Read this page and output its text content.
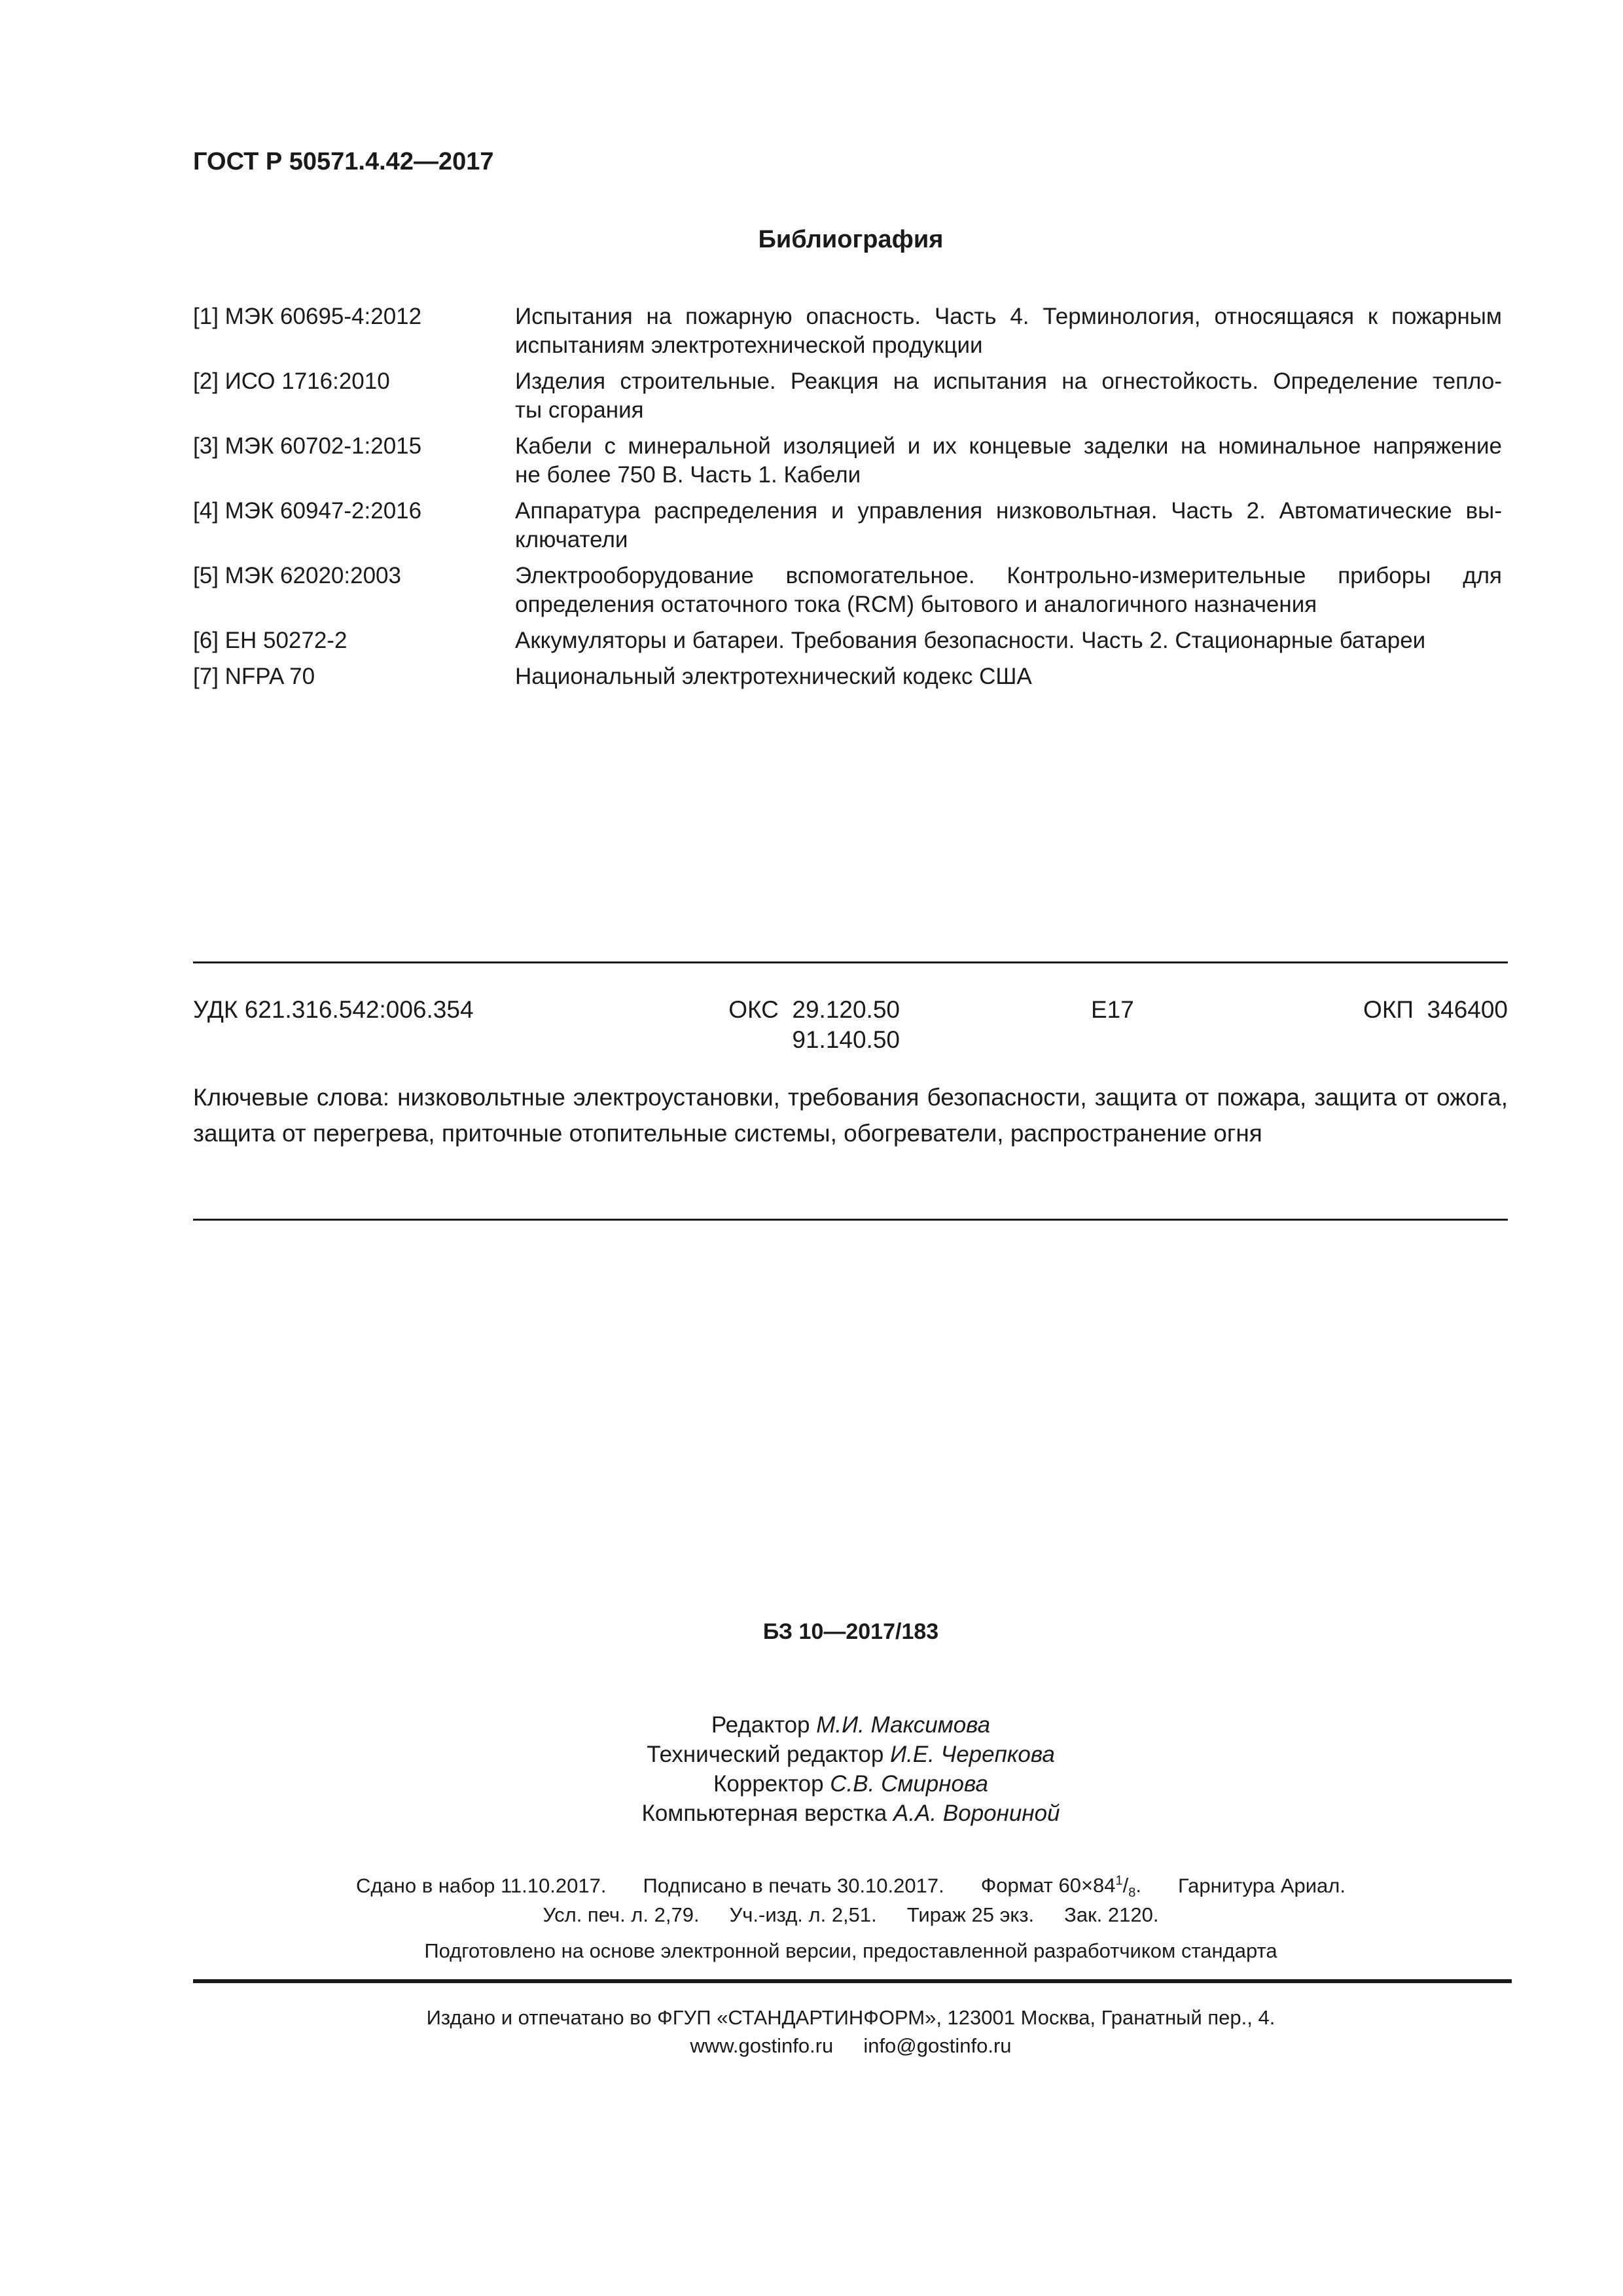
ГОСТ Р 50571.4.42—2017
Библиография
[1] МЭК 60695-4:2012	Испытания на пожарную опасность. Часть 4. Терминология, относящаяся к пожарным
испытаниям электротехнической продукции
[2] ИСО 1716:2010	Изделия строительные. Реакция на испытания на огнестойкость. Определение тепло-
ты сгорания
[3] МЭК 60702-1:2015	Кабели с минеральной изоляцией и их концевые заделки на номинальное напряжение
не более 750 В. Часть 1. Кабели
[4] МЭК 60947-2:2016	Аппаратура распределения и управления низковольтная. Часть 2. Автоматические вы-
ключатели
[5] МЭК 62020:2003	Электрооборудование вспомогательное. Контрольно-измерительные приборы для
определения остаточного тока (RCM) бытового и аналогичного назначения
[6] ЕН 50272-2	Аккумуляторы и батареи. Требования безопасности. Часть 2. Стационарные батареи
[7] NFPA 70	Национальный электротехнический кодекс США
УДК 621.316.542:006.354	ОКС  29.120.50
91.140.50
Е17	ОКП  346400
Ключевые слова: низковольтные электроустановки, требования безопасности, защита от пожара, защита от ожога, защита от перегрева, приточные отопительные системы, обогреватели, распространение огня
БЗ 10—2017/183
Редактор М.И. Максимова
Технический редактор И.Е. Черепкова
Корректор С.В. Смирнова
Компьютерная верстка А.А. Ворониной
Сдано в набор 11.10.2017. Подписано в печать 30.10.2017. Формат $60\times 84^1/_8$. Гарнитура Ариал.
Усл. печ. л. 2,79. Уч.-изд. л. 2,51. Тираж 25 экз. Зак. 2120.
Подготовлено на основе электронной версии, предоставленной разработчиком стандарта
Издано и отпечатано во ФГУП «СТАНДАРТИНФОРМ», 123001 Москва, Гранатный пер., 4.
www.gostinfo.ru info@gostinfo.ru
